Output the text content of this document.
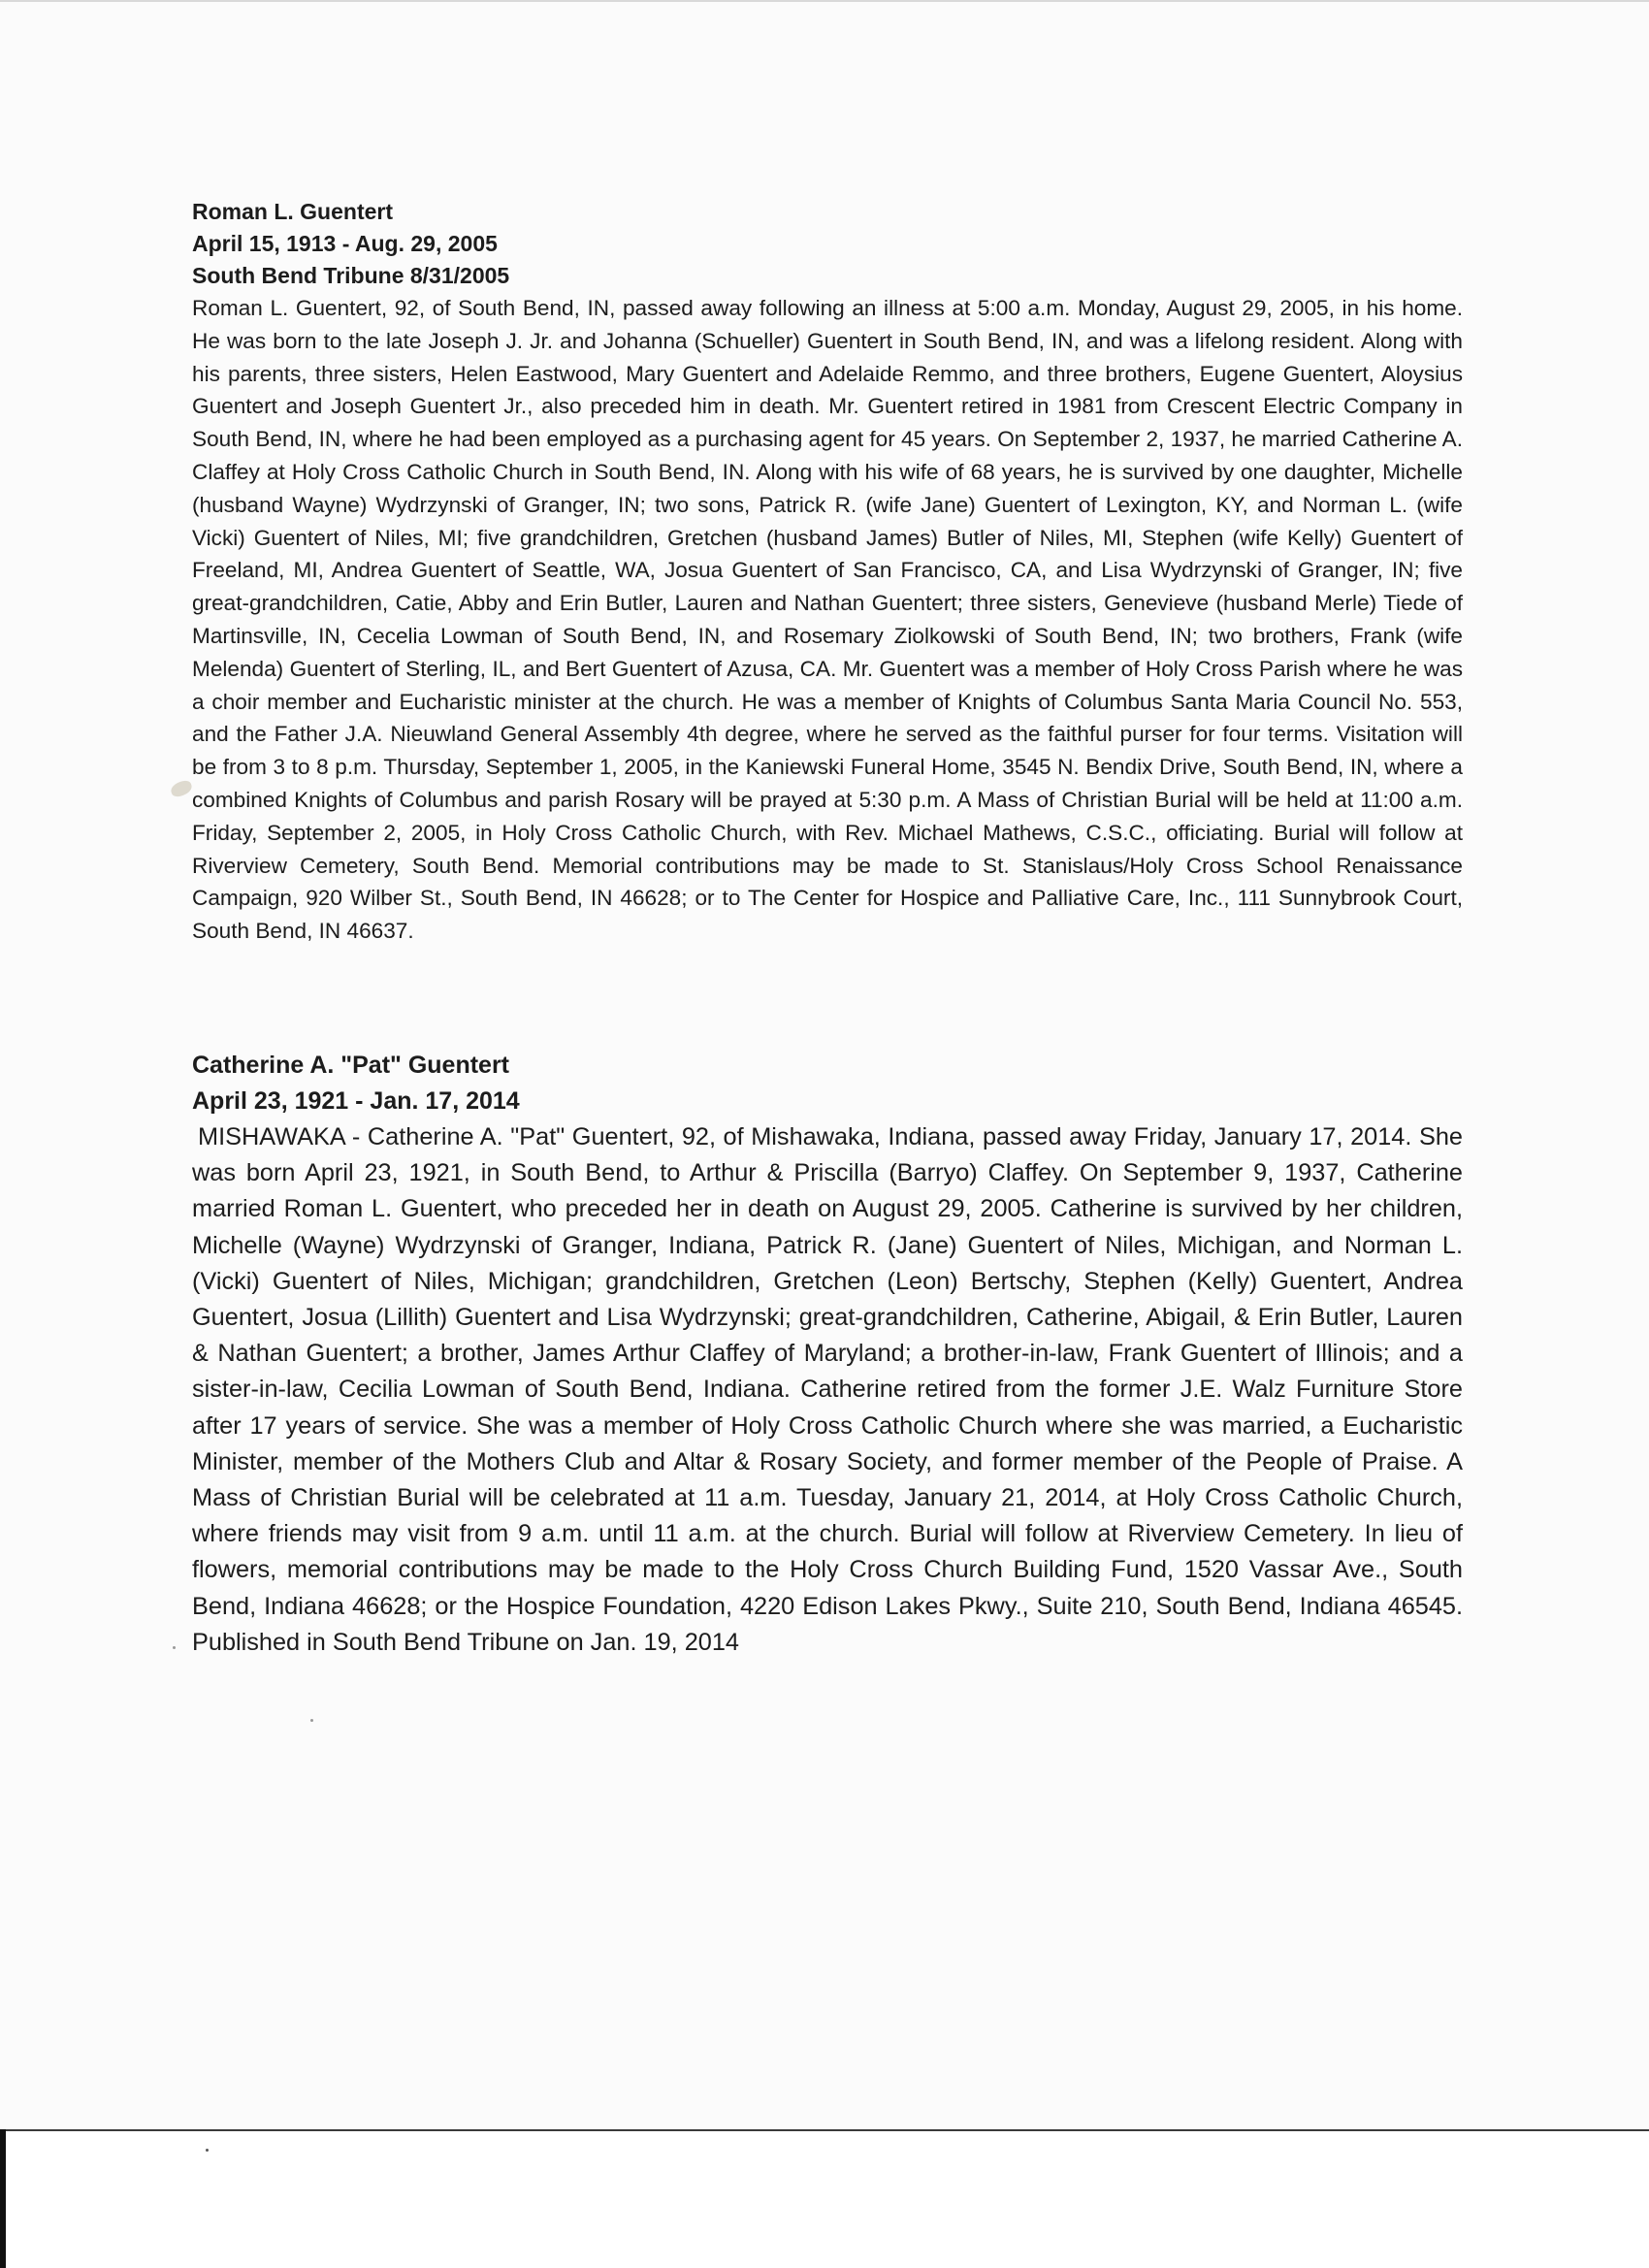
Roman L. Guentert

April 15, 1913 - Aug. 29, 2005

South Bend Tribune 8/31/2005

Roman L. Guentert, 92, of South Bend, IN, passed away following an illness at 5:00 a.m. Monday, August 29, 2005, in his home. He was born to the late Joseph J. Jr. and Johanna (Schueller) Guentert in South Bend, IN, and was a lifelong resident. Along with his parents, three sisters, Helen Eastwood, Mary Guentert and Adelaide Remmo, and three brothers, Eugene Guentert, Aloysius Guentert and Joseph Guentert Jr., also preceded him in death. Mr. Guentert retired in 1981 from Crescent Electric Company in South Bend, IN, where he had been employed as a purchasing agent for 45 years. On September 2, 1937, he married Catherine A. Claffey at Holy Cross Catholic Church in South Bend, IN. Along with his wife of 68 years, he is survived by one daughter, Michelle (husband Wayne) Wydrzynski of Granger, IN; two sons, Patrick R. (wife Jane) Guentert of Lexington, KY, and Norman L. (wife Vicki) Guentert of Niles, MI; five grandchildren, Gretchen (husband James) Butler of Niles, MI, Stephen (wife Kelly) Guentert of Freeland, MI, Andrea Guentert of Seattle, WA, Josua Guentert of San Francisco, CA, and Lisa Wydrzynski of Granger, IN; five great-grandchildren, Catie, Abby and Erin Butler, Lauren and Nathan Guentert; three sisters, Genevieve (husband Merle) Tiede of Martinsville, IN, Cecelia Lowman of South Bend, IN, and Rosemary Ziolkowski of South Bend, IN; two brothers, Frank (wife Melenda) Guentert of Sterling, IL, and Bert Guentert of Azusa, CA. Mr. Guentert was a member of Holy Cross Parish where he was a choir member and Eucharistic minister at the church. He was a member of Knights of Columbus Santa Maria Council No. 553, and the Father J.A. Nieuwland General Assembly 4th degree, where he served as the faithful purser for four terms. Visitation will be from 3 to 8 p.m. Thursday, September 1, 2005, in the Kaniewski Funeral Home, 3545 N. Bendix Drive, South Bend, IN, where a combined Knights of Columbus and parish Rosary will be prayed at 5:30 p.m. A Mass of Christian Burial will be held at 11:00 a.m. Friday, September 2, 2005, in Holy Cross Catholic Church, with Rev. Michael Mathews, C.S.C., officiating. Burial will follow at Riverview Cemetery, South Bend. Memorial contributions may be made to St. Stanislaus/Holy Cross School Renaissance Campaign, 920 Wilber St., South Bend, IN 46628; or to The Center for Hospice and Palliative Care, Inc., 111 Sunnybrook Court, South Bend, IN 46637.

Catherine A. "Pat" Guentert

April 23, 1921 - Jan. 17, 2014

MISHAWAKA - Catherine A. "Pat" Guentert, 92, of Mishawaka, Indiana, passed away Friday, January 17, 2014. She was born April 23, 1921, in South Bend, to Arthur & Priscilla (Barryo) Claffey. On September 9, 1937, Catherine married Roman L. Guentert, who preceded her in death on August 29, 2005. Catherine is survived by her children, Michelle (Wayne) Wydrzynski of Granger, Indiana, Patrick R. (Jane) Guentert of Niles, Michigan, and Norman L. (Vicki) Guentert of Niles, Michigan; grandchildren, Gretchen (Leon) Bertschy, Stephen (Kelly) Guentert, Andrea Guentert, Josua (Lillith) Guentert and Lisa Wydrzynski; great-grandchildren, Catherine, Abigail, & Erin Butler, Lauren & Nathan Guentert; a brother, James Arthur Claffey of Maryland; a brother-in-law, Frank Guentert of Illinois; and a sister-in-law, Cecilia Lowman of South Bend, Indiana. Catherine retired from the former J.E. Walz Furniture Store after 17 years of service. She was a member of Holy Cross Catholic Church where she was married, a Eucharistic Minister, member of the Mothers Club and Altar & Rosary Society, and former member of the People of Praise. A Mass of Christian Burial will be celebrated at 11 a.m. Tuesday, January 21, 2014, at Holy Cross Catholic Church, where friends may visit from 9 a.m. until 11 a.m. at the church. Burial will follow at Riverview Cemetery. In lieu of flowers, memorial contributions may be made to the Holy Cross Church Building Fund, 1520 Vassar Ave., South Bend, Indiana 46628; or the Hospice Foundation, 4220 Edison Lakes Pkwy., Suite 210, South Bend, Indiana 46545. Published in South Bend Tribune on Jan. 19, 2014
